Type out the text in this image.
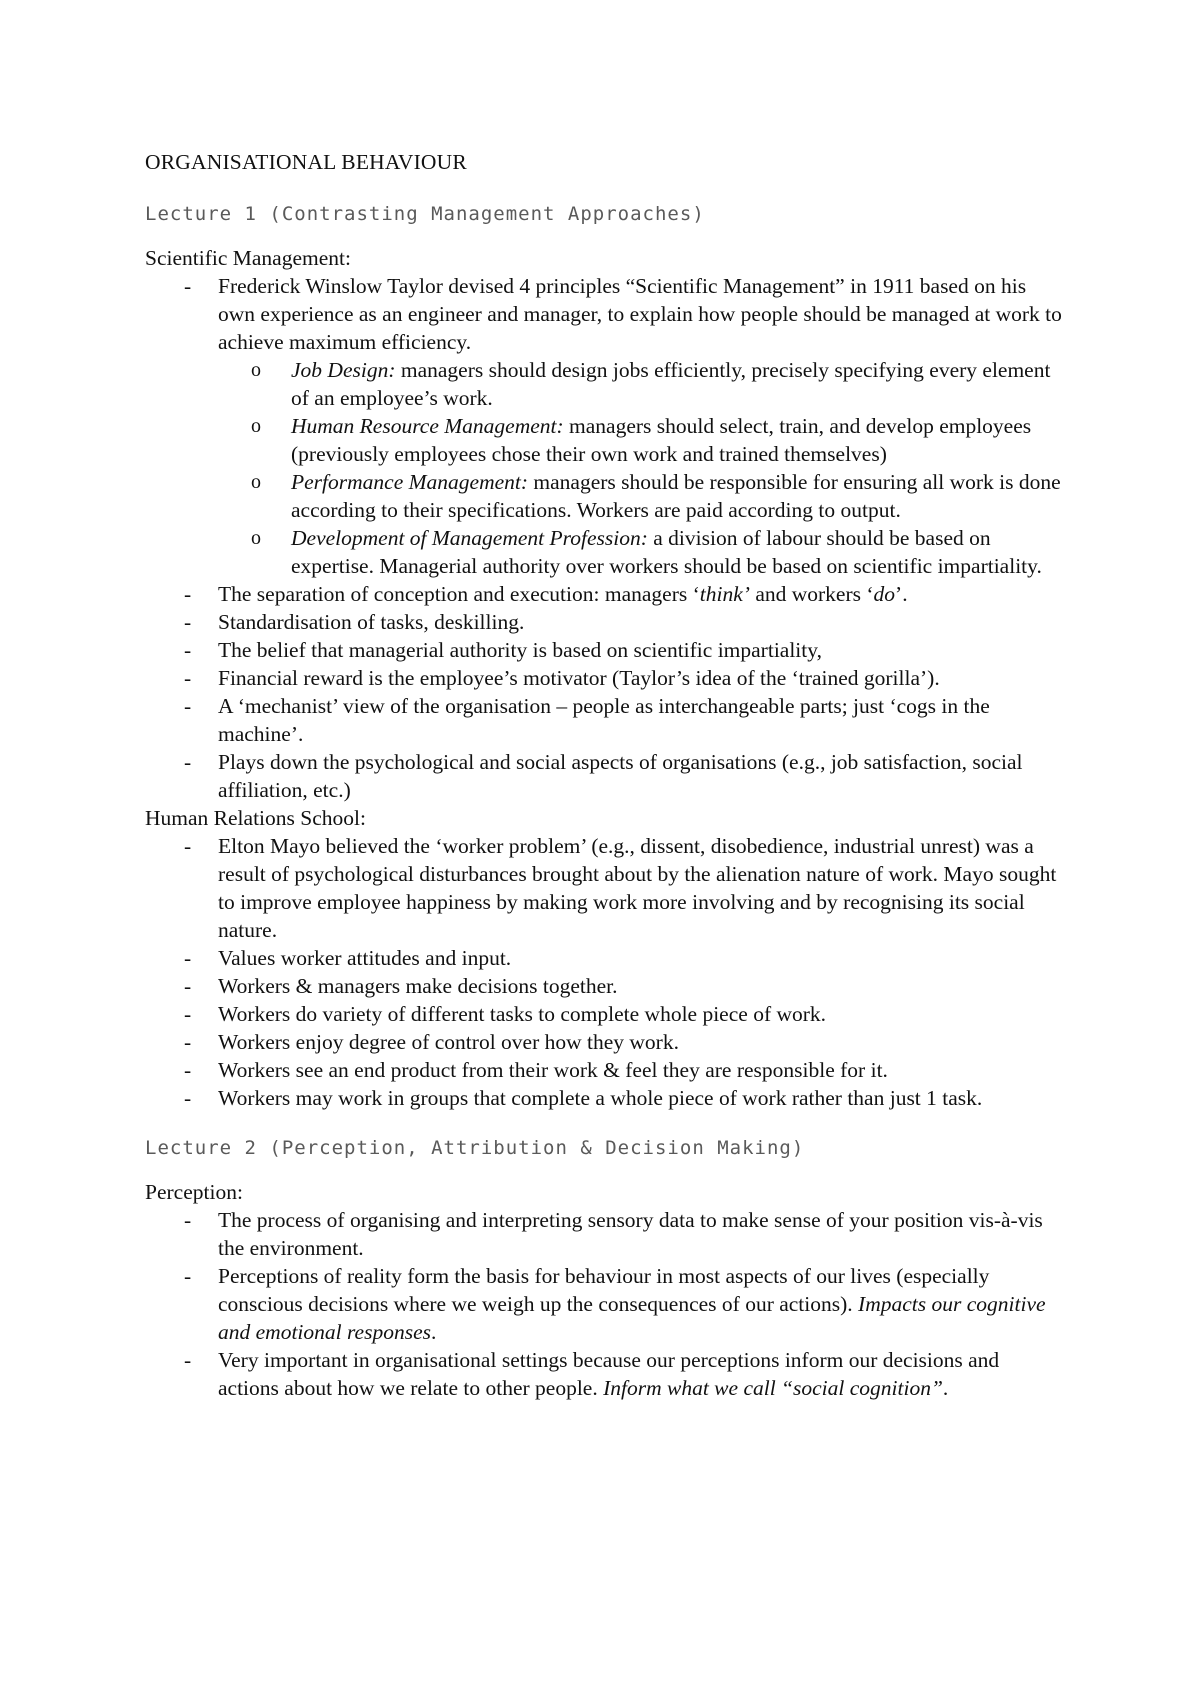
ORGANISATIONAL BEHAVIOUR
Lecture 1 (Contrasting Management Approaches)

Scientific Management:

- Frederick Winslow Taylor devised 4 principles “Scientific Management” in 1911 based on his own experience as an engineer and manager, to explain how people should be managed at work to achieve maximum efficiency.
o Job Design: managers should design jobs efficiently, precisely specifying every element of an employee’s work.
o Human Resource Management: managers should select, train, and develop employees (previously employees chose their own work and trained themselves)
o Performance Management: managers should be responsible for ensuring all work is done according to their specifications. Workers are paid according to output.
o Development of Management Profession: a division of labour should be based on expertise. Managerial authority over workers should be based on scientific impartiality.
- The separation of conception and execution: managers ‘think’ and workers ‘do’.
- Standardisation of tasks, deskilling.
- The belief that managerial authority is based on scientific impartiality,
- Financial reward is the employee’s motivator (Taylor’s idea of the ‘trained gorilla’).
- A ‘mechanist’ view of the organisation – people as interchangeable parts; just ‘cogs in the machine’.
- Plays down the psychological and social aspects of organisations (e.g., job satisfaction, social affiliation, etc.)

Human Relations School:

- Elton Mayo believed the ‘worker problem’ (e.g., dissent, disobedience, industrial unrest) was a result of psychological disturbances brought about by the alienation nature of work. Mayo sought to improve employee happiness by making work more involving and by recognising its social nature.
- Values worker attitudes and input.
- Workers & managers make decisions together.
- Workers do variety of different tasks to complete whole piece of work.
- Workers enjoy degree of control over how they work.
- Workers see an end product from their work & feel they are responsible for it.
- Workers may work in groups that complete a whole piece of work rather than just 1 task.
Lecture 2 (Perception, Attribution & Decision Making)

Perception:

- The process of organising and interpreting sensory data to make sense of your position vis-à-vis the environment.
- Perceptions of reality form the basis for behaviour in most aspects of our lives (especially conscious decisions where we weigh up the consequences of our actions). Impacts our cognitive and emotional responses.
- Very important in organisational settings because our perceptions inform our decisions and actions about how we relate to other people. Inform what we call “social cognition”.
